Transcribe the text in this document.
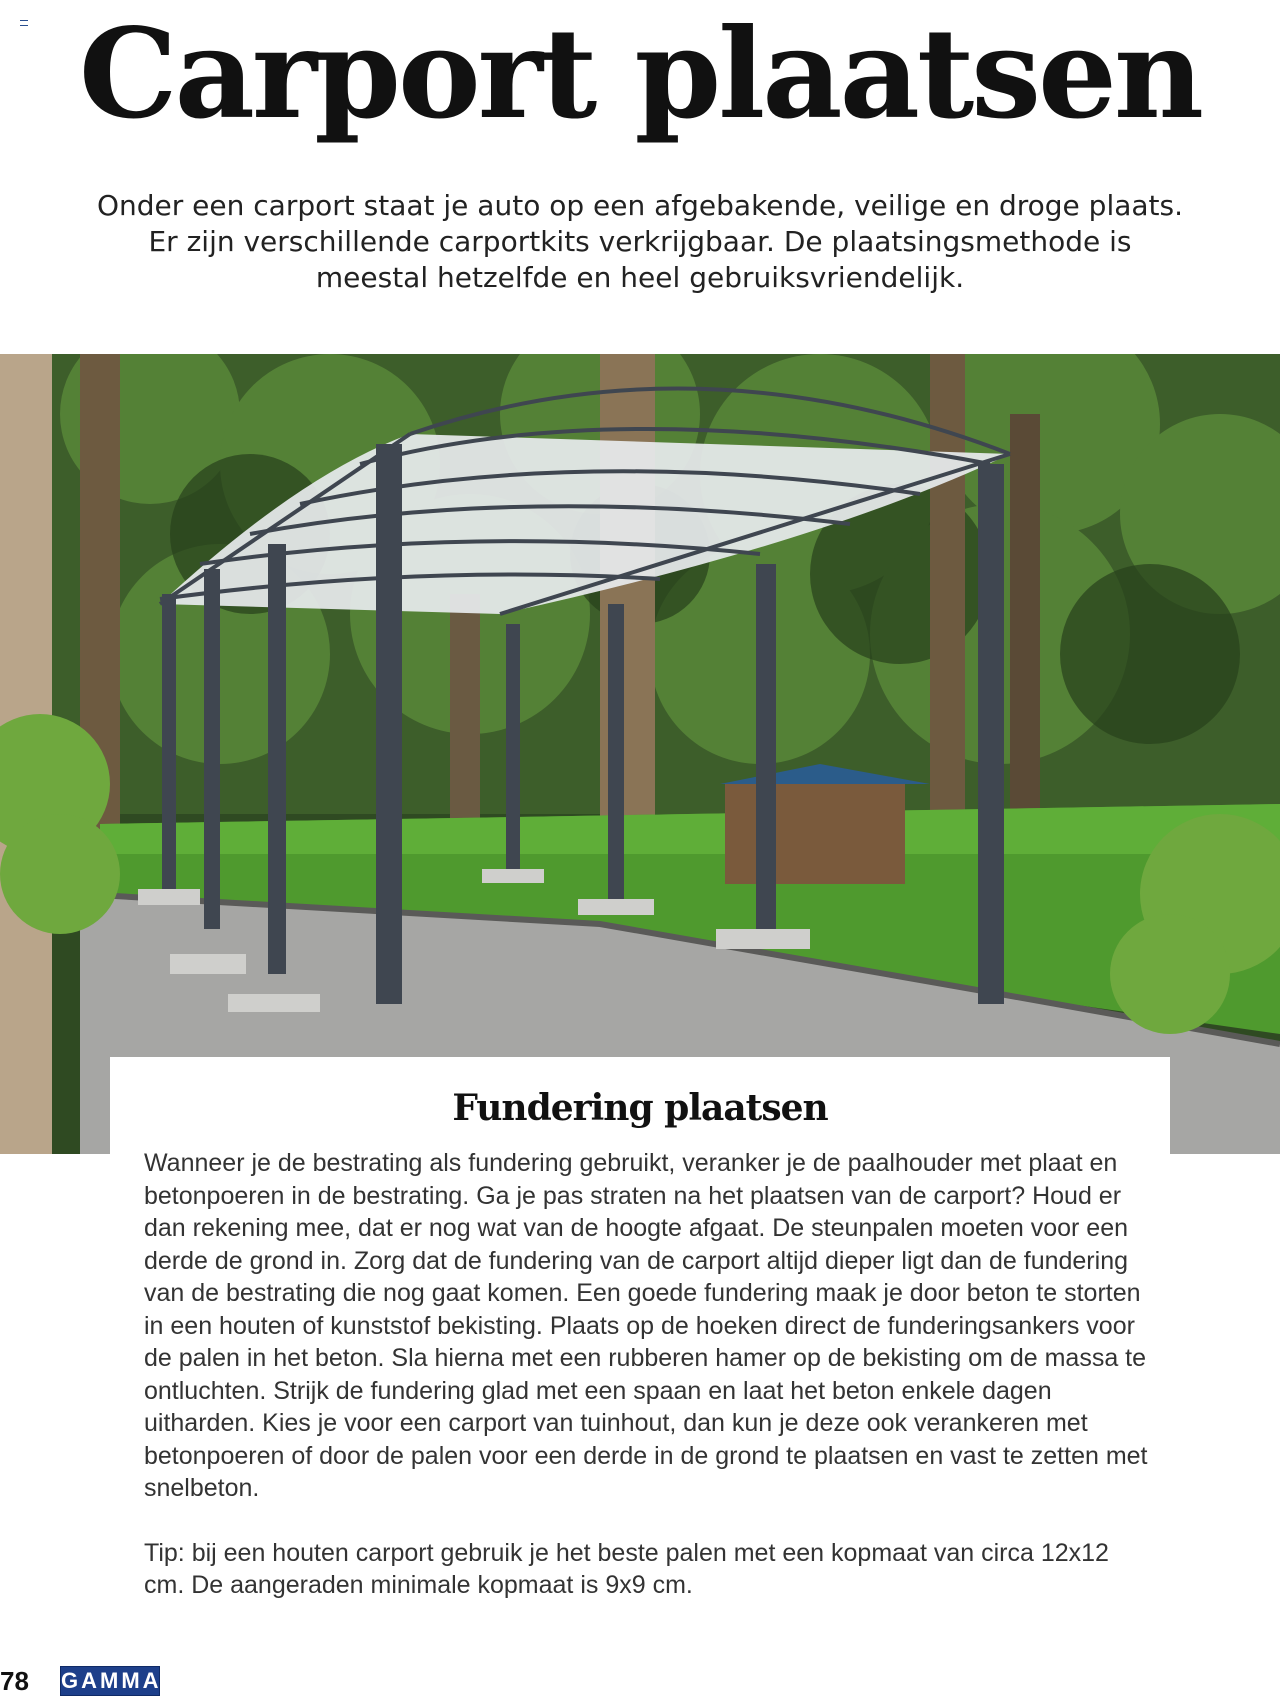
Carport plaatsen
Onder een carport staat je auto op een afgebakende, veilige en droge plaats. Er zijn verschillende carportkits verkrijgbaar. De plaatsingsmethode is meestal hetzelfde en heel gebruiksvriendelijk.
Fundering plaatsen

Wanneer je de bestrating als fundering gebruikt, veranker je de paalhouder met plaat en betonpoeren in de bestrating. Ga je pas straten na het plaatsen van de carport? Houd er dan rekening mee, dat er nog wat van de hoogte afgaat. De steunpalen moeten voor een derde de grond in. Zorg dat de fundering van de carport altijd dieper ligt dan de fundering van de bestrating die nog gaat komen. Een goede fundering maak je door beton te storten in een houten of kunststof bekisting. Plaats op de hoeken direct de funderingsankers voor de palen in het beton. Sla hierna met een rubberen hamer op de bekisting om de massa te ontluchten. Strijk de fundering glad met een spaan en laat het beton enkele dagen uitharden. Kies je voor een carport van tuinhout, dan kun je deze ook verankeren met betonpoeren of door de palen voor een derde in de grond te plaatsen en vast te zetten met snelbeton.

Tip: bij een houten carport gebruik je het beste palen met een kopmaat van circa 12x12 cm. De aangeraden minimale kopmaat is 9x9 cm.

78 GAMMA
